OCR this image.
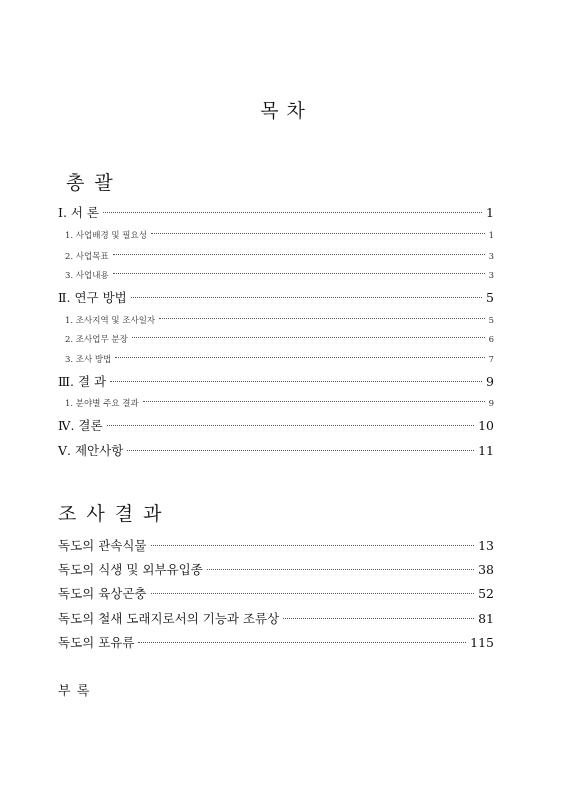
목 차
총 괄
Ⅰ. 서 론	1
1. 사업배경 및 필요성	1
2. 사업목표	3
3. 사업내용	3
Ⅱ. 연구 방법	5
1. 조사지역 및 조사일자	5
2. 조사업무 분장	6
3. 조사 방법	7
Ⅲ. 결 과	9
1. 분야별 주요 결과	9
Ⅳ. 결론	10
Ⅴ. 제안사항	11
조 사 결 과
독도의 관속식물	13
독도의 식생 및 외부유입종	38
독도의 육상곤충	52
독도의 철새 도래지로서의 기능과 조류상	81
독도의 포유류	115
부 록
